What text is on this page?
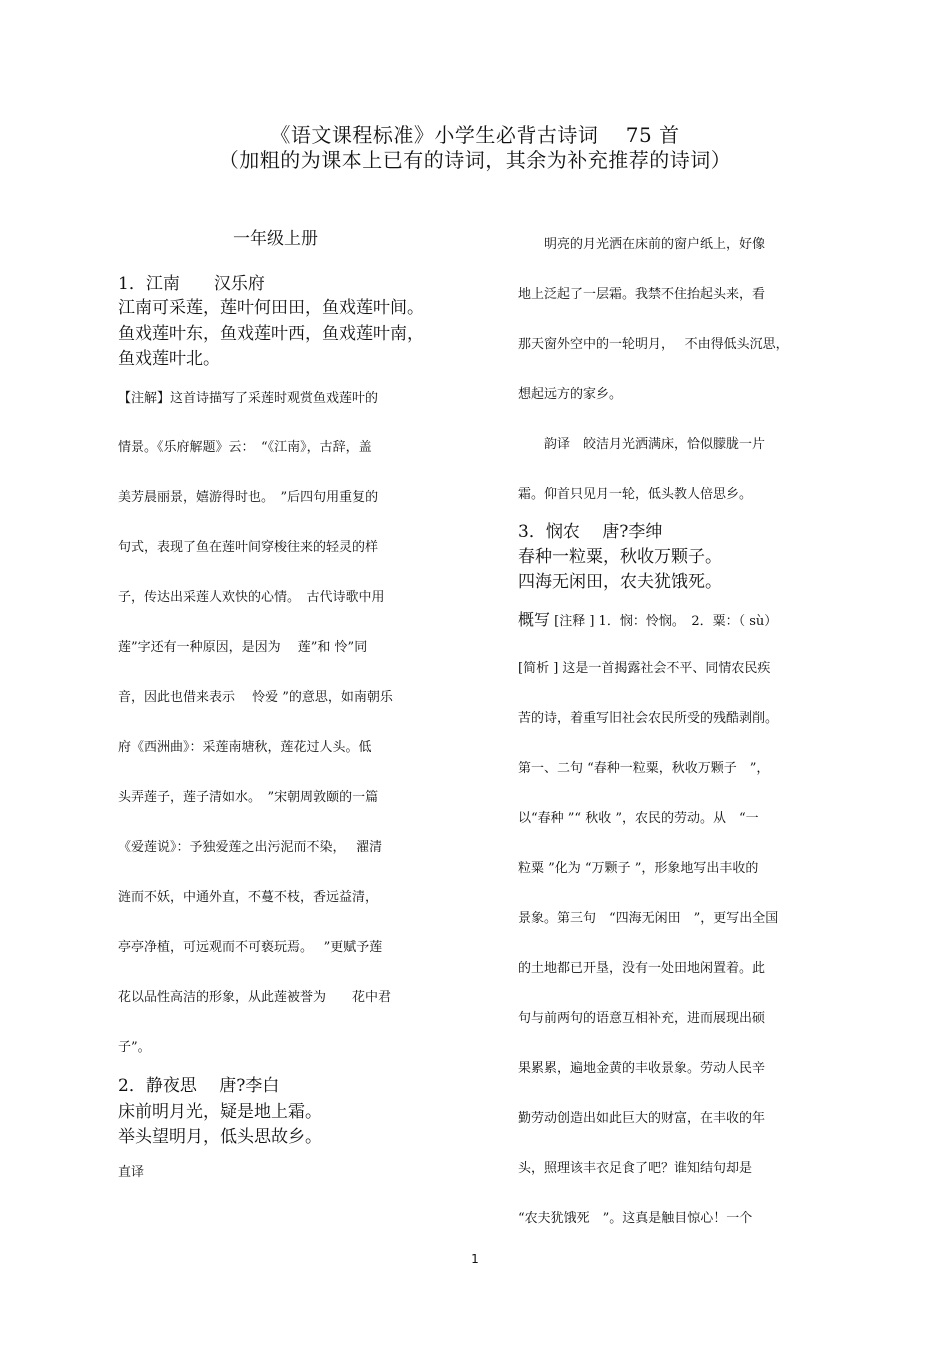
《语文课程标准》小学生必背古诗词　 75 首
（加粗的为课本上已有的诗词，其余为补充推荐的诗词）
一年级上册
1．江南　　汉乐府
江南可采莲，莲叶何田田，鱼戏莲叶间。
鱼戏莲叶东，鱼戏莲叶西，鱼戏莲叶南，
鱼戏莲叶北。
【注解】这首诗描写了采莲时观赏鱼戏莲叶的
情景。《乐府解题》云：　“《江南》，古辞，盖
美芳晨丽景，嬉游得时也。　”后四句用重复的
句式，表现了鱼在莲叶间穿梭往来的轻灵的样
子，传达出采莲人欢快的心情。　古代诗歌中用
莲”字还有一种原因，是因为　 莲”和 怜”同
音，因此也借来表示　 怜爱 ”的意思，如南朝乐
府《西洲曲》：采莲南塘秋，莲花过人头。低
头弄莲子，莲子清如水。　”宋朝周敦颐的一篇
《爱莲说》：予独爱莲之出污泥而不染，　 濯清
涟而不妖，中通外直，不蔓不枝，香远益清，
亭亭净植，可远观而不可亵玩焉。　 ”更赋予莲
花以品性高洁的形象，从此莲被誉为　　花中君
子”。
2．静夜思　 唐?李白
床前明月光，疑是地上霜。
举头望明月，低头思故乡。
直译
　　明亮的月光洒在床前的窗户纸上，好像
地上泛起了一层霜。我禁不住抬起头来，看
那天窗外空中的一轮明月，　 不由得低头沉思，
想起远方的家乡。
　　韵译　皎洁月光洒满床，恰似朦胧一片
霜。仰首只见月一轮，低头教人倍思乡。
3．悯农　 唐?李绅
春种一粒粟，秋收万颗子。
四海无闲田，农夫犹饿死。
概写 [注释 ] 1．悯：怜悯。　2．粟：（ sù）
[简析 ] 这是一首揭露社会不平、同情农民疾
苦的诗，着重写旧社会农民所受的残酷剥削。
第一、二句 “春种一粒粟，秋收万颗子　”，
以“春种 ”“ 秋收 ”，农民的劳动。从　“一
粒粟 ”化为 “万颗子 ”，形象地写出丰收的
景象。第三句　“四海无闲田　”，更写出全国
的土地都已开垦，没有一处田地闲置着。此
句与前两句的语意互相补充，进而展现出硕
果累累，遍地金黄的丰收景象。劳动人民辛
勤劳动创造出如此巨大的财富，在丰收的年
头，照理该丰衣足食了吧？谁知结句却是
“农夫犹饿死　”。这真是触目惊心！一个
1
